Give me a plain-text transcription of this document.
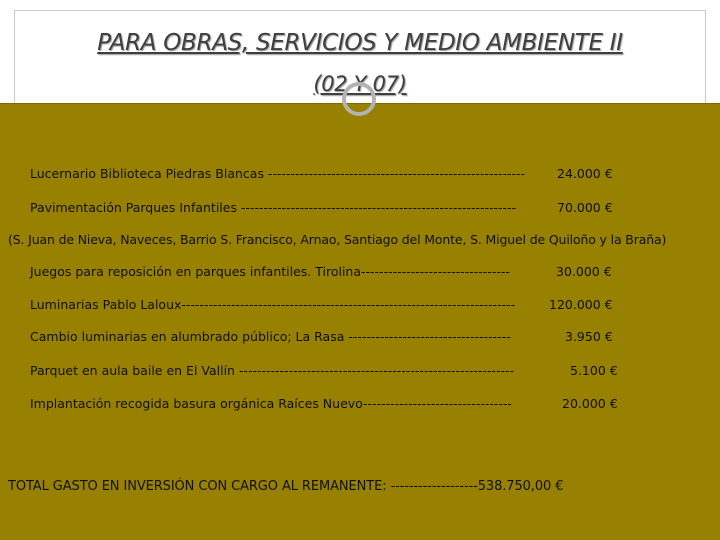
PARA OBRAS, SERVICIOS Y MEDIO AMBIENTE II
(02 Y 07)
Lucernario Biblioteca Piedras Blancas ---------------------------------------------------------	24.000 €
Pavimentación Parques Infantiles -------------------------------------------------------------	70.000 €
(S. Juan de Nieva, Naveces, Barrio S. Francisco, Arnao, Santiago del Monte, S. Miguel de Quiloño y la Braña)
Juegos para reposición en parques infantiles. Tirolina---------------------------------	30.000 €
Luminarias Pablo Laloux--------------------------------------------------------------------------	120.000 €
Cambio luminarias en alumbrado público; La Rasa ------------------------------------	3.950 €
Parquet en aula baile en El Vallín -------------------------------------------------------------	5.100 €
Implantación recogida basura orgánica Raíces Nuevo---------------------------------	20.000 €
TOTAL GASTO EN INVERSIÓN CON CARGO AL REMANENTE: -------------------538.750,00 €
